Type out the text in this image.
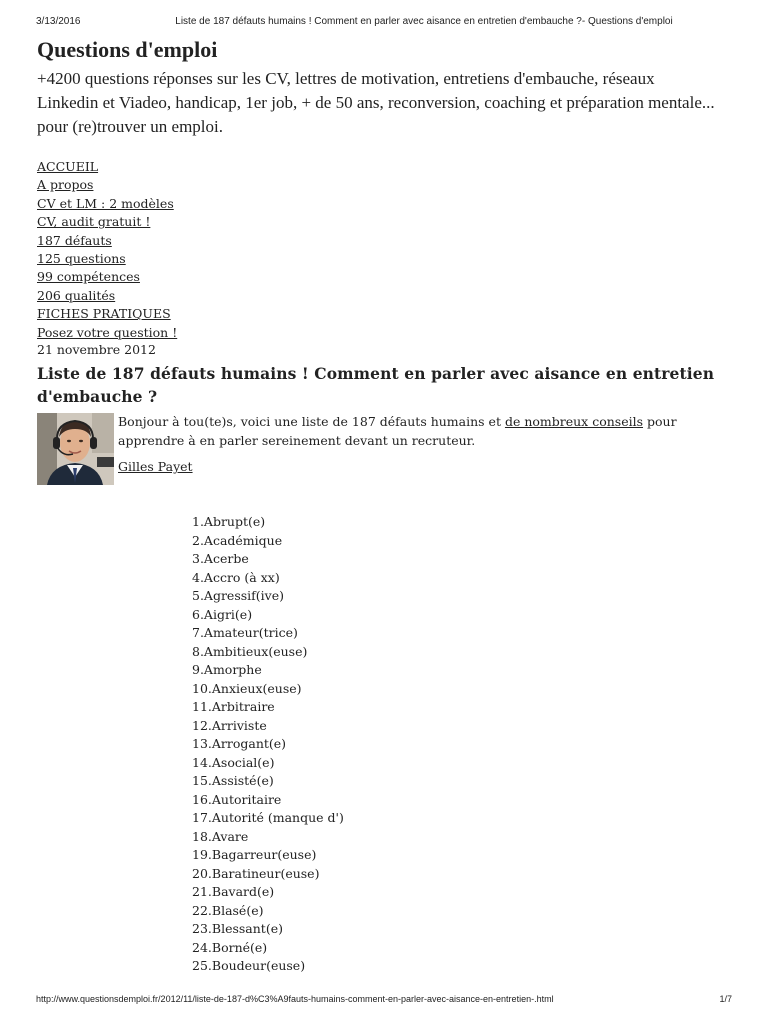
3/13/2016	Liste de 187 défauts humains ! Comment en parler avec aisance en entretien d'embauche ?- Questions d'emploi
Questions d'emploi

+4200 questions réponses sur les CV, lettres de motivation, entretiens d'embauche, réseaux Linkedin et Viadeo, handicap, 1er job, + de 50 ans, reconversion, coaching et préparation mentale... pour (re)trouver un emploi.

ACCUEIL
A propos
CV et LM : 2 modèles
CV, audit gratuit !
187 défauts
125 questions
99 compétences
206 qualités
FICHES PRATIQUES
Posez votre question !
21 novembre 2012
Liste de 187 défauts humains ! Comment en parler avec aisance en entretien d'embauche ?
Bonjour à tou(te)s, voici une liste de 187 défauts humains et de nombreux conseils pour apprendre à en parler sereinement devant un recruteur.
Gilles Payet
1.Abrupt(e)
2.Académique
3.Acerbe
4.Accro (à xx)
5.Agressif(ive)
6.Aigri(e)
7.Amateur(trice)
8.Ambitieux(euse)
9.Amorphe
10.Anxieux(euse)
11.Arbitraire
12.Arriviste
13.Arrogant(e)
14.Asocial(e)
15.Assisté(e)
16.Autoritaire
17.Autorité (manque d')
18.Avare
19.Bagarreur(euse)
20.Baratineur(euse)
21.Bavard(e)
22.Blasé(e)
23.Blessant(e)
24.Borné(e)
25.Boudeur(euse)
http://www.questionsdemploi.fr/2012/11/liste-de-187-d%C3%A9fauts-humains-comment-en-parler-avec-aisance-en-entretien-.html	1/7
